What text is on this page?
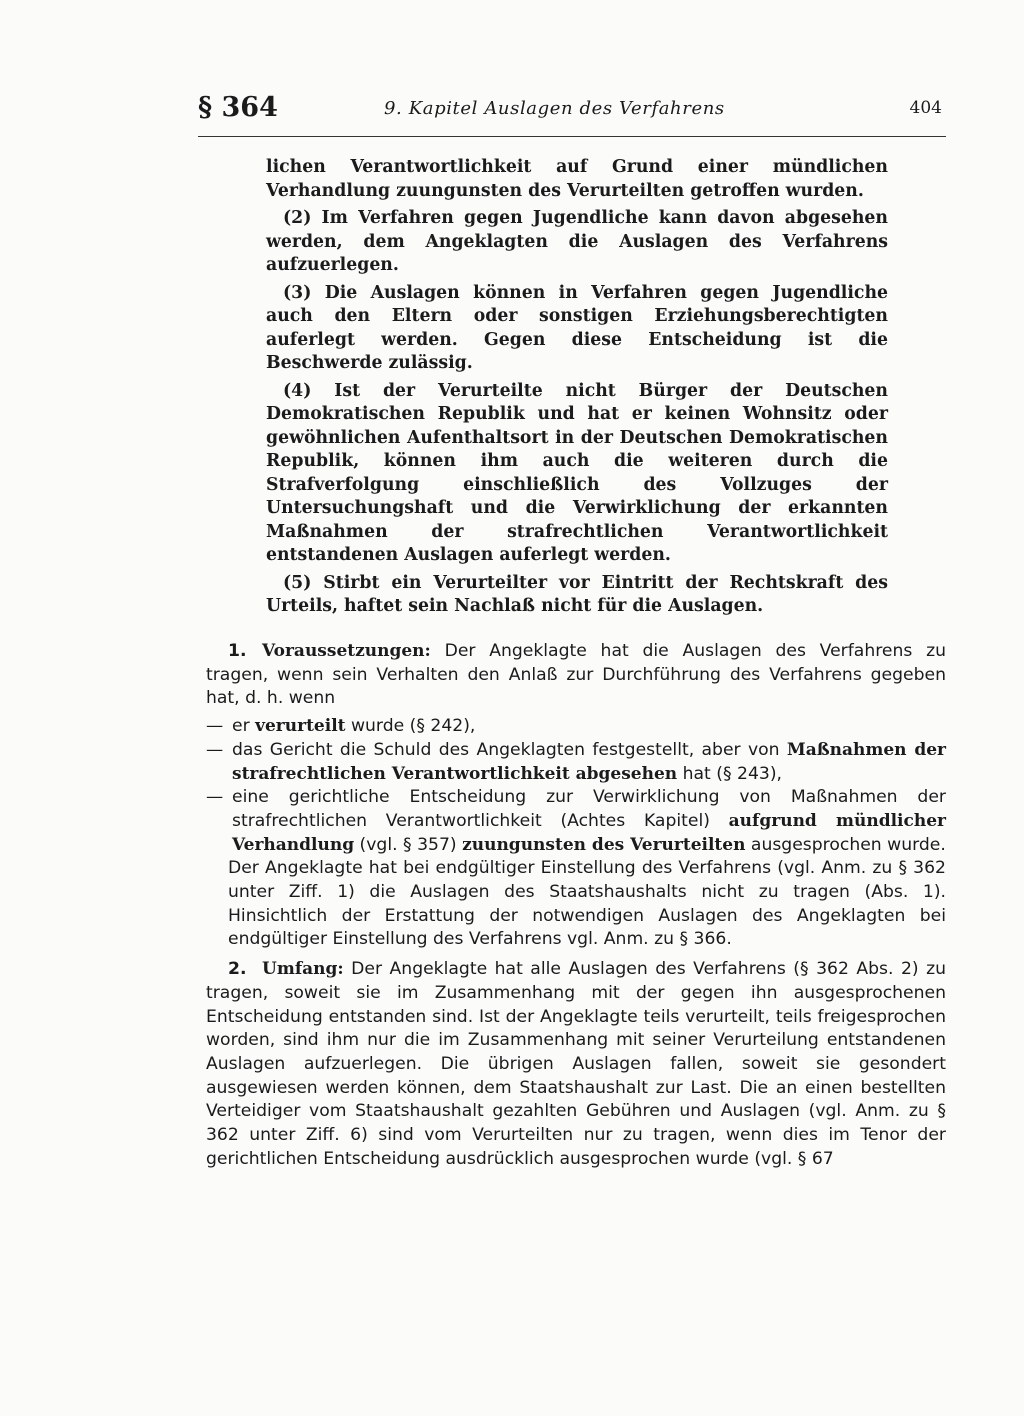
§ 364	9. Kapitel Auslagen des Verfahrens	404

lichen Verantwortlichkeit auf Grund einer mündlichen Verhandlung zuungunsten des Verurteilten getroffen wurden.

(2) Im Verfahren gegen Jugendliche kann davon abgesehen werden, dem Angeklagten die Auslagen des Verfahrens aufzuerlegen.

(3) Die Auslagen können in Verfahren gegen Jugendliche auch den Eltern oder sonstigen Erziehungsberechtigten auferlegt werden. Gegen diese Entscheidung ist die Beschwerde zulässig.

(4) Ist der Verurteilte nicht Bürger der Deutschen Demokratischen Republik und hat er keinen Wohnsitz oder gewöhnlichen Aufenthaltsort in der Deutschen Demokratischen Republik, können ihm auch die weiteren durch die Strafverfolgung einschließlich des Vollzuges der Untersuchungshaft und die Verwirklichung der erkannten Maßnahmen der strafrechtlichen Verantwortlichkeit entstandenen Auslagen auferlegt werden.

(5) Stirbt ein Verurteilter vor Eintritt der Rechtskraft des Urteils, haftet sein Nachlaß nicht für die Auslagen.

1. Voraussetzungen: Der Angeklagte hat die Auslagen des Verfahrens zu tragen, wenn sein Verhalten den Anlaß zur Durchführung des Verfahrens gegeben hat, d. h. wenn

— er verurteilt wurde (§ 242),
— das Gericht die Schuld des Angeklagten festgestellt, aber von Maßnahmen der strafrechtlichen Verantwortlichkeit abgesehen hat (§ 243),
— eine gerichtliche Entscheidung zur Verwirklichung von Maßnahmen der strafrechtlichen Verantwortlichkeit (Achtes Kapitel) aufgrund mündlicher Verhandlung (vgl. § 357) zuungunsten des Verurteilten ausgesprochen wurde.

Der Angeklagte hat bei endgültiger Einstellung des Verfahrens (vgl. Anm. zu § 362 unter Ziff. 1) die Auslagen des Staatshaushalts nicht zu tragen (Abs. 1). Hinsichtlich der Erstattung der notwendigen Auslagen des Angeklagten bei endgültiger Einstellung des Verfahrens vgl. Anm. zu § 366.

2. Umfang: Der Angeklagte hat alle Auslagen des Verfahrens (§ 362 Abs. 2) zu tragen, soweit sie im Zusammenhang mit der gegen ihn ausgesprochenen Entscheidung entstanden sind. Ist der Angeklagte teils verurteilt, teils freigesprochen worden, sind ihm nur die im Zusammenhang mit seiner Verurteilung entstandenen Auslagen aufzuerlegen. Die übrigen Auslagen fallen, soweit sie gesondert ausgewiesen werden können, dem Staatshaushalt zur Last. Die an einen bestellten Verteidiger vom Staatshaushalt gezahlten Gebühren und Auslagen (vgl. Anm. zu § 362 unter Ziff. 6) sind vom Verurteilten nur zu tragen, wenn dies im Tenor der gerichtlichen Entscheidung ausdrücklich ausgesprochen wurde (vgl. § 67
